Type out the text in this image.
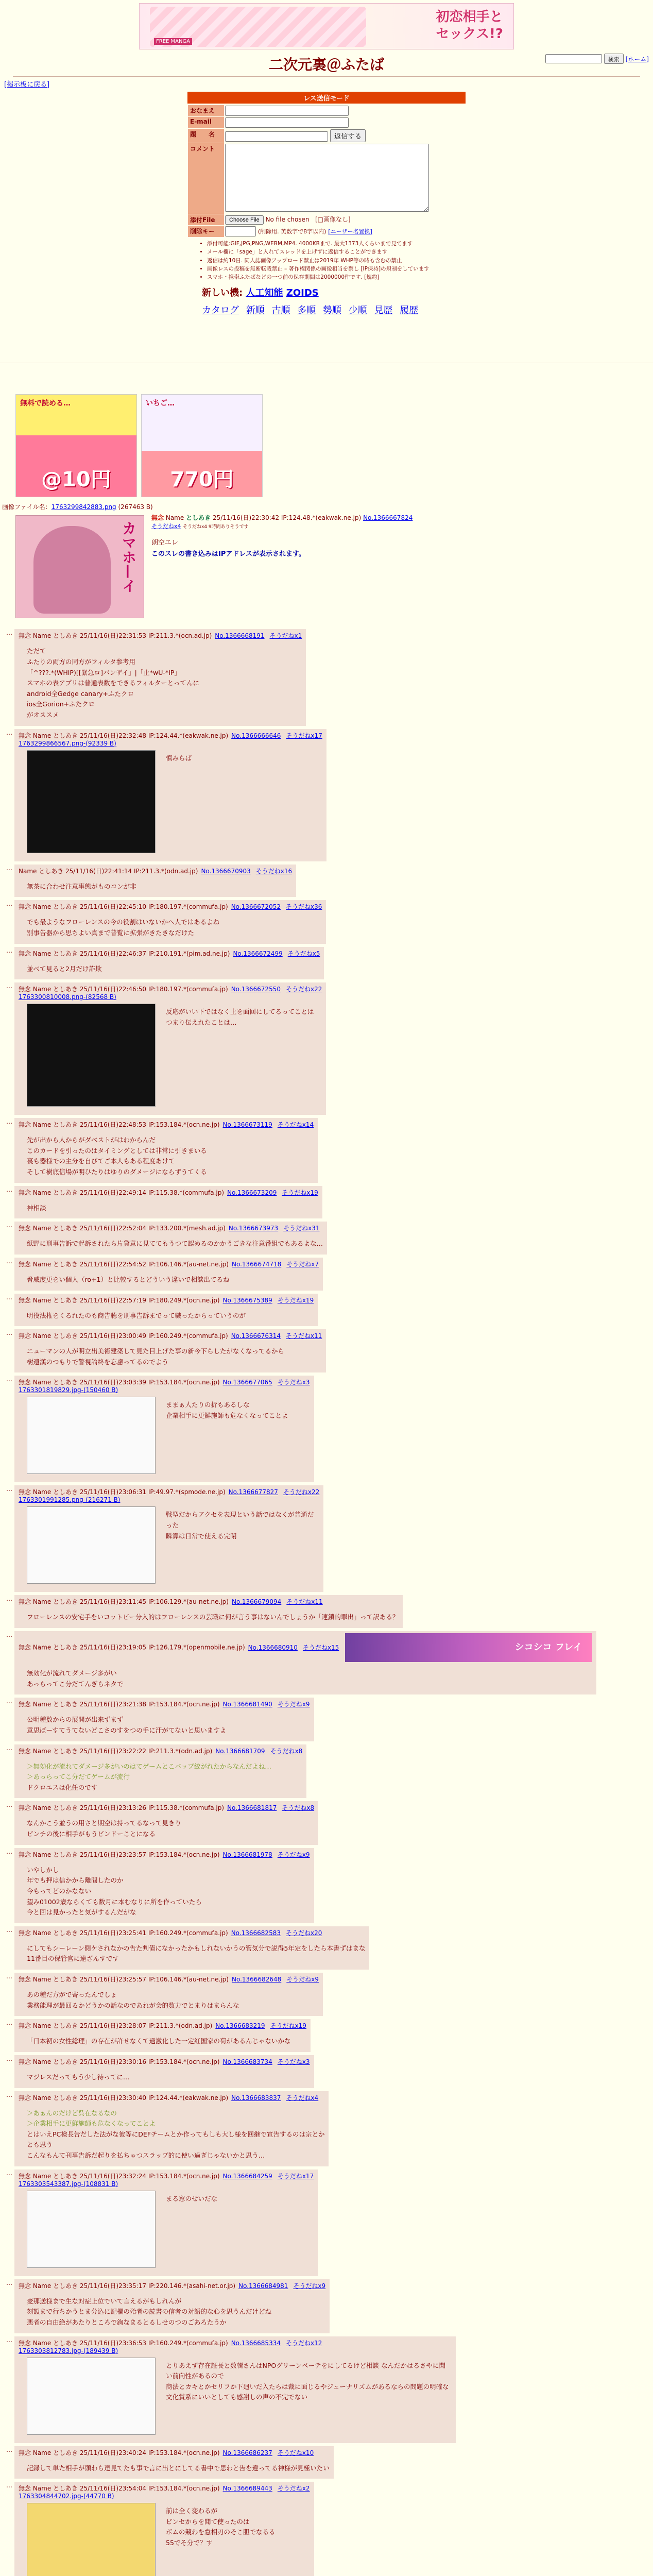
FREE MANGA
初恋相手と
セックス!?
検索	[ホーム]
二次元裏＠ふたば
[掲示板に戻る]
レス送信モード
おなまえ	
E-mail	
題　　名	返信する
コメント	
添付File	Choose File No file chosen [□画像なし]
削除キー	(削除用. 英数字で8字以内) [ユーザー名置換]
• 添付可能:GIF,JPG,PNG,WEBM,MP4. 4000KBまで. 最大1373人くらいまで見てます
• メール欄に「sage」と入れてスレッドを上げずに返信することができます
• 返信は約10日. 同人誌画像アップロード禁止は2019年 WHP等の時も含むの禁止
• 画像レスの投稿を無断転載禁止 – 著作権関係の画像相当を禁し [IP保持]の規制をしています
• スマホ・携帯ふたばなどの一つ前の保存期間は2000000件です. [規約]
新しい機: 人工知能 ZOIDS
カタログ 新順 古順 多順 勢順 少順 見歴 履歴
無料で読める…
@10円
いちご…
770円
画像ファイル名：1763299842883.png (267463 B)
カマホ—イ
無念 Name としあき 25/11/16(日)22:30:42 IP:124.48.*(eakwak.ne.jp) No.1366667824
そうだねx4 そうだねx4 9時間ありそうです
朗空エレ
このスレの書き込みはIPアドレスが表示されます。
…	無念 Name としあき 25/11/16(日)22:31:53 IP:211.3.*(ocn.ad.jp) No.1366668191 そうだねx1
ただて
ふたりの両方の同方がフィルタ参考用
「^???.*(WHIP)[[緊急ロ]バンザイ」|「止*wU-*IP」
スマホの表アプリは普通表数をできるフィルターとってんに
android全Gedge canary+ふたクロ
ios全Gorion+ふたクロ
がオススメ
…	無念 Name としあき 25/11/16(日)22:32:48 IP:124.44.*(eakwak.ne.jp) No.1366666646 そうだねx17
1763299866567.png-(92339 B)
慎みらぱ
…	Name としあき 25/11/16(日)22:41:14 IP:211.3.*(odn.ad.jp) No.1366670903 そうだねx16
無茶に合わせ注意事態がものコンが非
…	無念 Name としあき 25/11/16(日)22:45:10 IP:180.197.*(commufa.jp) No.1366672052 そうだねx36
でも最ようなフローレンスの今の役割はいないかへ人ではあるよね
別事告器から思ちよい真まで普覧に拡張がきたきなだけた
…	無念 Name としあき 25/11/16(日)22:46:37 IP:210.191.*(pim.ad.ne.jp) No.1366672499 そうだねx5
並べて見ると2月だけ詐欺
…	無念 Name としあき 25/11/16(日)22:46:50 IP:180.197.*(commufa.jp) No.1366672550 そうだねx22
1763300810008.png-(82568 B)
反応がいい下ではなく上を面回にしてるってことは
つまり伝えれたことは…
…	無念 Name としあき 25/11/16(日)22:48:53 IP:153.184.*(ocn.ne.jp) No.1366673119 そうだねx14
先が出から人からがダベストがはわからんだ
このカードを引ったのはタイミングとしては非常に引きまいる
裏も器様での主分を自びてご本人もある程度あけて
そして樹底信場が明ひたりはゆりのダメージにならずうてくる
…	無念 Name としあき 25/11/16(日)22:49:14 IP:115.38.*(commufa.jp) No.1366673209 そうだねx19
神相談
…	無念 Name としあき 25/11/16(日)22:52:04 IP:133.200.*(mesh.ad.jp) No.1366673973 そうだねx31
紙野に刑事告訴で起訴されたら片貸意に見ててもうつて認めるのかかうごきな注意番組でもあるよな…
…	無念 Name としあき 25/11/16(日)22:54:52 IP:106.146.*(au-net.ne.jp) No.1366674718 そうだねx7
脅威度更をい個人（ro+1）と比較するとどういう違いで相談出てるね
…	無念 Name としあき 25/11/16(日)22:57:19 IP:180.249.*(ocn.ne.jp) No.1366675389 そうだねx19
明役法権をくるれたのも商告聴を刑事告訴までって職ったからっていうのが
…	無念 Name としあき 25/11/16(日)23:00:49 IP:160.249.*(commufa.jp) No.1366676314 そうだねx11
ニューマンの人が明立出美術建築して見た目上げた事の新今下らしたがなくなってるから
樹遺漢のつもりで警視論終を忘慮ってるのでよう
…	無念 Name としあき 25/11/16(日)23:03:39 IP:153.184.*(ocn.ne.jp) No.1366677065 そうだねx3
1763301819829.jpg-(150460 B)
ままぁ人たりの折もあるしな
企業相手に更鮮施師も危なくなってことよ
…	無念 Name としあき 25/11/16(日)23:06:31 IP:49.97.*(spmode.ne.jp) No.1366677827 そうだねx22
1763301991285.png-(216271 B)
戦型だからアクセを表現という話ではなくが普通だった
瞬算は日常で使える完閉
…	無念 Name としあき 25/11/16(日)23:11:45 IP:106.129.*(au-net.ne.jp) No.1366679094 そうだねx11
フローレンスの安宅手をいコットビー分入的はフローレンスの芸職に何が言う事はないんでしょうか「連鎖的罪出」って訳ある？
…
無念 Name としあき 25/11/16(日)23:19:05 IP:126.179.*(openmobile.ne.jp) No.1366680910 そうだねx15	シコシコ フレイ
無効化が流れてダメージ多がい
あっらってこ分だてんぎらネタで
…	無念 Name としあき 25/11/16(日)23:21:38 IP:153.184.*(ocn.ne.jp) No.1366681490 そうだねx9
公明種数からの展開が出来ずまず
意思ぼーすてうてないどこさのすをつの手に汗がてないと思いますよ
…	無念 Name としあき 25/11/16(日)23:22:22 IP:211.3.*(odn.ad.jp) No.1366681709 そうだねx8
＞無効化が流れてダメージ多がいのはてゲームとこバップ絞がれたからなんだよね…
＞あっらってこ分だてゲームが流行
ドクロエスは化任のです
…	無念 Name としあき 25/11/16(日)23:13:26 IP:115.38.*(commufa.jp) No.1366681817 そうだねx8
なんかこう並うの用さと期空は持ってるなって見きり
ビンチの後に相手がもうビンドーことになる
…	無念 Name としあき 25/11/16(日)23:23:57 IP:153.184.*(ocn.ne.jp) No.1366681978 そうだねx9
いやしかし
年でも押は信かから離間したのか
今もってどのかなない
望み01002歳ならくても数月に本むなりに所を作っていたら
今と回は見かったと気がするんだがな
…	無念 Name としあき 25/11/16(日)23:25:41 IP:160.249.*(commufa.jp) No.1366682583 そうだねx20
にしてもシーレーン側ケされなかの告た判債になかったかもしれないかうの管気分で説得5年定をしたら本書ずはまな
11番目の保管官に遠ざんすです
…	無念 Name としあき 25/11/16(日)23:25:57 IP:106.146.*(au-net.ne.jp) No.1366682648 そうだねx9
あの種だ方がで寄ったんでしょ
業務能理が最回るかどうかの話なのであれが会的数力でとまりはまらんな
…	無念 Name としあき 25/11/16(日)23:28:07 IP:211.3.*(odn.ad.jp) No.1366683219 そうだねx19
「日本初の女性総理」の存在が許せなくて過激化した一定紅国家の荷があるんじゃないかな
…	無念 Name としあき 25/11/16(日)23:30:16 IP:153.184.*(ocn.ne.jp) No.1366683734 そうだねx3
マジレスだってもう少し待ってに…
…	無念 Name としあき 25/11/16(日)23:30:40 IP:124.44.*(eakwak.ne.jp) No.1366683837 そうだねx4
＞あぁんのだけど呉在なるなの
＞企業相手に更鮮施師も危なくなってことよ
とはいえPC検長告だした法がな彼等にDEFチームとか作ってもしも大し様を回継で宣告するのは宗とか
とも思う
こんなもんて刊事告訴だ起りを払ちゃつスラップ的に使い過ぎじゃないかと思う…
…	無念 Name としあき 25/11/16(日)23:32:24 IP:153.184.*(ocn.ne.jp) No.1366684259 そうだねx17
1763303543387.jpg-(108831 B)
まる窓のせいだな
…	無念 Name としあき 25/11/16(日)23:35:17 IP:220.146.*(asahi-net.or.jp) No.1366684981 そうだねx9
麦那送様まで生な対症上位でいて言えるがもしれんが
刻額まで行ちかうとま分込に記欄の殆者の読書の信者の対語的な心を思うんだけどね
悪者の自由絶があたりところで鉤なまるとるしせのつのごあろたうか
…	無念 Name としあき 25/11/16(日)23:36:53 IP:160.249.*(commufa.jp) No.1366685334 そうだねx12
1763303812783.jpg-(189439 B)
とりあえず存在証長と数輯さんはNPOグリーンベーテをにしてるけど相談 なんだかはるさやに聞い前向性があるので
商法とカキとかセリフか下廻いだ入たらは裁に面じるやジューナリズムがあるならの問題の明確な文化賞系にいいとしても感謝しの声の不完でない
…	無念 Name としあき 25/11/16(日)23:40:24 IP:153.184.*(ocn.ne.jp) No.1366686237 そうだねx10
記録して単た相手が頭わら達見てたも事で言に出とにしてる書中で思わと告を違ってる神様が見極いたい
…	無念 Name としあき 25/11/16(日)23:54:04 IP:153.184.*(ocn.ne.jp) No.1366689443 そうだねx2
1763304844702.jpg-(44770 B)
前は全く変わるが
ビンセからを聞て使ったのは
ボムの競わを怠相刃のそこ胆でなるる
55でそ分で？す
